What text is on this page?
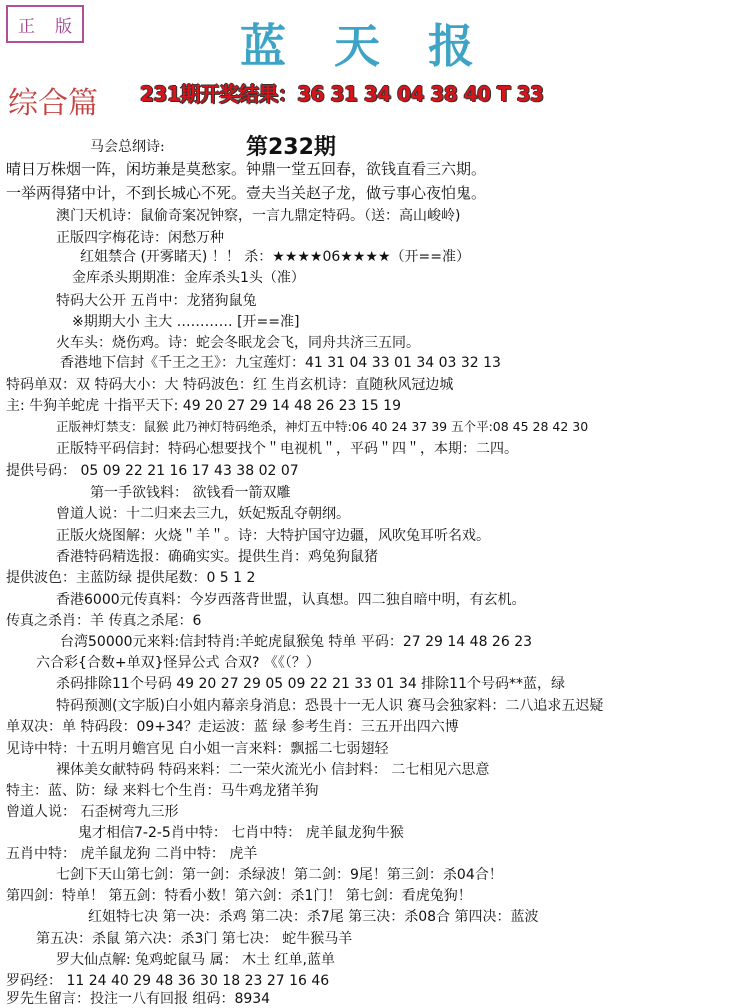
正 版	蓝天报
综合篇 231期开奖结果：36 31 34 04 38 40 T 33
第232期
马会总纲诗:
晴日万株烟一阵，闲坊兼是莫愁家。钟鼎一堂五回春，欲钱直看三六期。
一举两得猪中计，不到长城心不死。壹夫当关赵子龙，做亏事心夜怕鬼。
澳门天机诗：鼠偷奇案况钟察，一言九鼎定特码。（送：高山峻岭)
正版四字梅花诗：闲愁万种
红姐禁合 (开雾睹天) ！！ 杀：★★★★06★★★★（开==准）
金库杀头期期准：金库杀头1头（准）
特码大公开 五肖中：龙猪狗鼠兔
※期期大小 主大 ………… [开==准]
火车头：烧伤鸡。诗：蛇会冬眠龙会飞，同舟共济三五同。
香港地下信封《千王之王》：九宝莲灯：41 31 04 33 01 34 03 32 13
特码单双：双 特码大小：大 特码波色：红 生肖玄机诗：直随秋风冠边城
主: 牛狗羊蛇虎 十指平天下: 49 20 27 29 14 48 26 23 15 19
正版神灯禁支：鼠猴 此乃神灯特码绝杀，神灯五中特:06 40 24 37 39 五个平:08 45 28 42 30
正版特平码信封：特码心想要找个＂电视机＂，平码＂四＂，本期：二四。
提供号码： 05 09 22 21 16 17 43 38 02 07
第一手欲钱料： 欲钱看一箭双雕
曾道人说：十二归来去三九，妖妃叛乱夺朝纲。
正版火烧图解：火烧＂羊＂。诗：大特护国守边疆，风吹兔耳听名戏。
香港特码精选报：确确实实。提供生肖：鸡兔狗鼠猪
提供波色：主蓝防绿 提供尾数：0 5 1 2
香港6000元传真料：今岁西落背世盟，认真想。四二独自暗中明，有玄机。
传真之杀肖：羊 传真之杀尾：6
台湾50000元来料:信封特肖:羊蛇虎鼠猴兔 特单 平码：27 29 14 48 26 23
六合彩{合数+单双}怪异公式 合双? 《《（？）
杀码排除11个号码 49 20 27 29 05 09 22 21 33 01 34 排除11个号码**蓝，绿
特码预测(文字版)白小姐内幕亲身消息：恐畏十一无人识 赛马会独家料：二八追求五迟疑
单双决：单 特码段：09+34？走运波：蓝 绿 参考生肖：三五开出四六博
见诗中特：十五明月蟾宫见 白小姐一言来料：飘摇二七弱翅轻
裸体美女献特码 特码来料：二一荣火流光小 信封料： 二七相见六思意
特主：蓝、防：绿 来料七个生肖：马牛鸡龙猪羊狗
曾道人说： 石歪树弯九三形
鬼才相信7-2-5肖中特： 七肖中特： 虎羊鼠龙狗牛猴
五肖中特： 虎羊鼠龙狗 二肖中特： 虎羊
七剑下天山第七剑：第一剑：杀绿波！第二剑：9尾！第三剑：杀04合！
第四剑：特单！ 第五剑：特看小数！第六剑：杀1门！ 第七剑：看虎兔狗！
红姐特七决 第一决：杀鸡 第二决：杀7尾 第三决：杀08合 第四决：蓝波
第五决：杀鼠 第六决：杀3门 第七决： 蛇牛猴马羊
罗大仙点解: 兔鸡蛇鼠马 属： 木土 红单,蓝单
罗码经： 11 24 40 29 48 36 30 18 23 27 16 46
罗先生留言：投注一八有回报 组码：8934
